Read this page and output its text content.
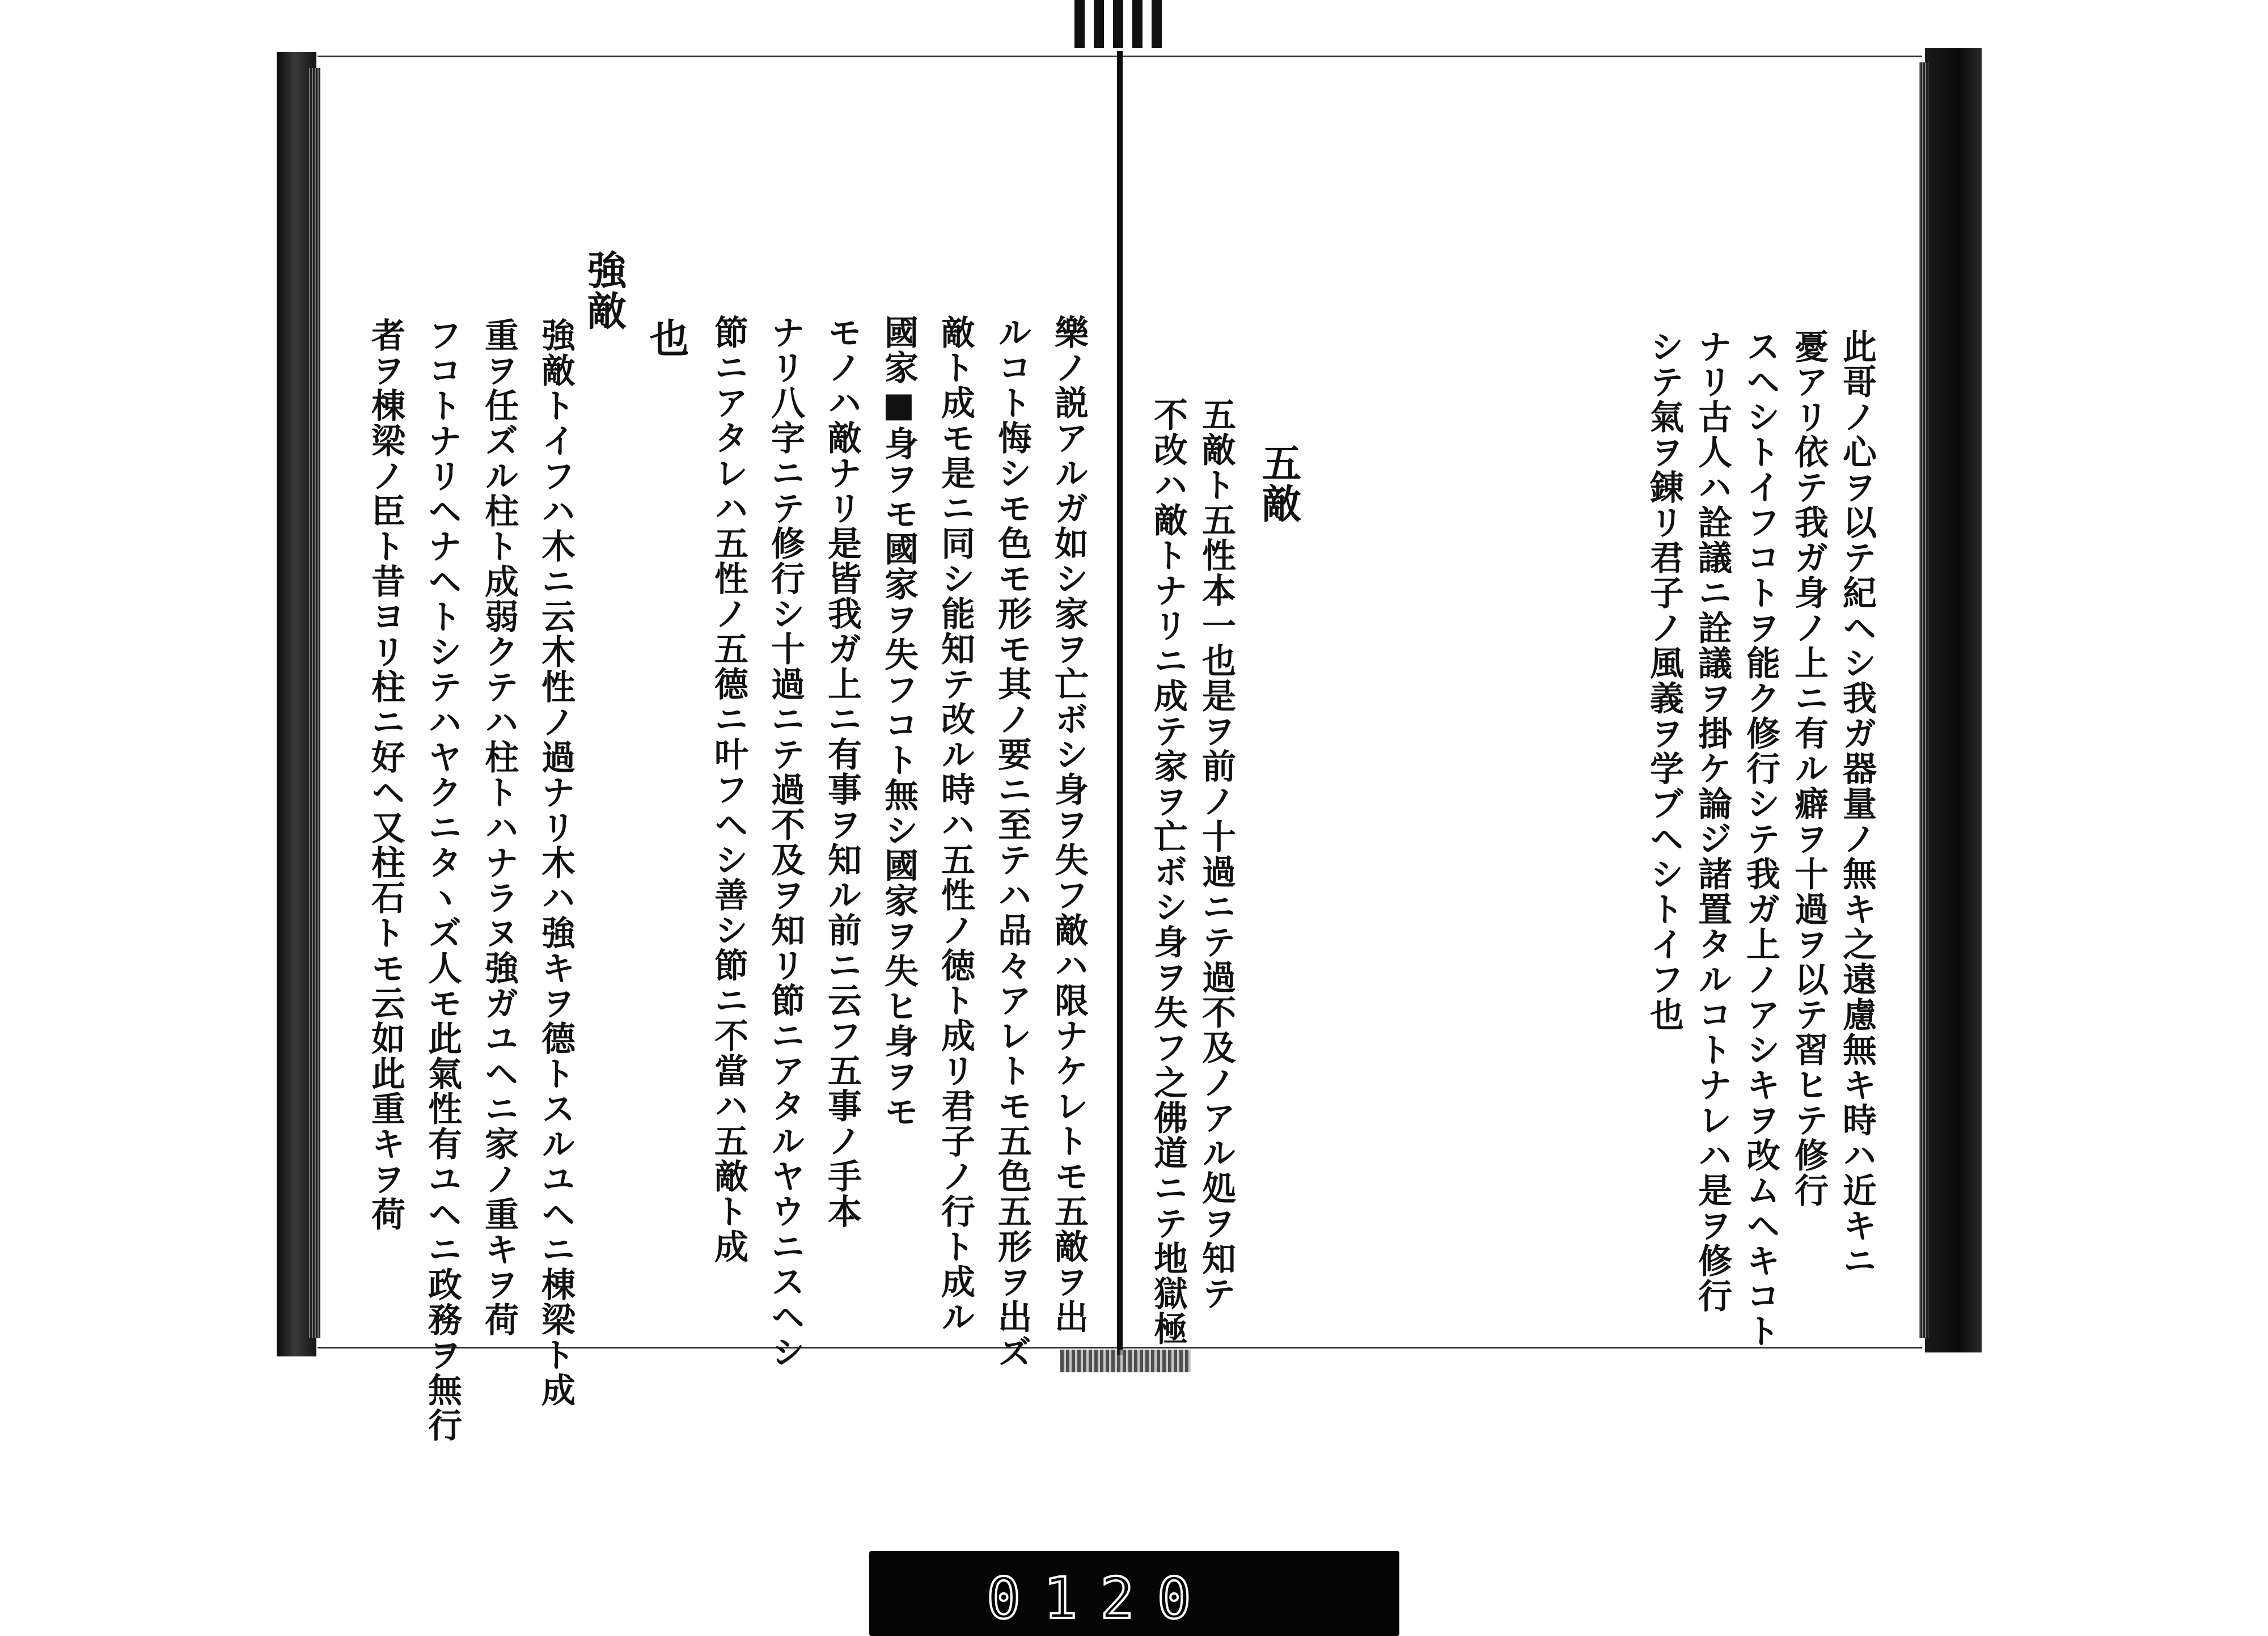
此哥ノ心ヲ以テ紀ヘシ我ガ器量ノ無キ之遠慮無キ時ハ近キニ
憂アリ依テ我ガ身ノ上ニ有ル癖ヲ十過ヲ以テ習ヒテ修行
スヘシトイフコトヲ能ク修行シテ我ガ上ノアシキヲ改ムヘキコト
ナリ古人ハ詮議ニ詮議ヲ掛ケ論ジ諸置タルコトナレハ是ヲ修行
シテ氣ヲ錬リ君子ノ風義ヲ学ブヘシトイフ也
五敵
五敵ト五性本一也是ヲ前ノ十過ニテ過不及ノアル処ヲ知テ
不改ハ敵トナリニ成テ家ヲ亡ボシ身ヲ失フ之佛道ニテ地獄極
樂ノ説アルガ如シ家ヲ亡ボシ身ヲ失フ敵ハ限ナケレトモ五敵ヲ出
ルコト悔シモ色モ形モ其ノ要ニ至テハ品々アレトモ五色五形ヲ出ズ
敵ト成モ是ニ同シ能知テ改ル時ハ五性ノ徳ト成リ君子ノ行ト成ル
國家■身ヲモ國家ヲ失フコト無シ國家ヲ失ヒ身ヲモ
モノハ敵ナリ是皆我ガ上ニ有事ヲ知ル前ニ云フ五事ノ手本
ナリ八字ニテ修行シ十過ニテ過不及ヲ知リ節ニアタルヤウニスヘシ
節ニアタレハ五性ノ五德ニ叶フヘシ善シ節ニ不當ハ五敵ト成
也
強敵
強敵トイフハ木ニ云木性ノ過ナリ木ハ強キヲ德トスルユヘニ棟梁ト成
重ヲ任ズル柱ト成弱クテハ柱トハナラヌ強ガユヘニ家ノ重キヲ荷
フコトナリヘナヘトシテハヤクニタヽズ人モ此氣性有ユヘニ政務ヲ無行
者ヲ棟梁ノ臣ト昔ヨリ柱ニ好ヘ又柱石トモ云如此重キヲ荷
0120
